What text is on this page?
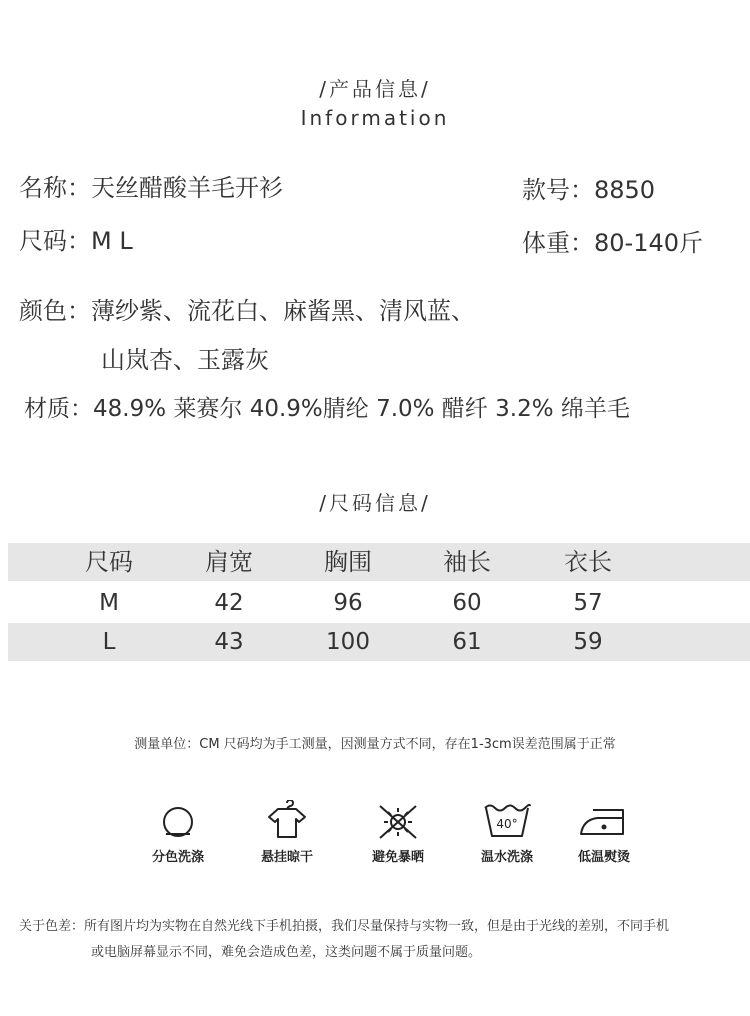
/产品信息/
Information
名称：天丝醋酸羊毛开衫	款号：8850
尺码：M L	体重：80-140斤
颜色：薄纱紫、流花白、麻酱黑、清风蓝、
山岚杏、玉露灰
材质：48.9% 莱赛尔 40.9%腈纶 7.0% 醋纤 3.2% 绵羊毛
/尺码信息/
尺码	肩宽	胸围	袖长	衣长
M	42	96	60	57
L	43	100	61	59
测量单位：CM 尺码均为手工测量，因测量方式不同，存在1-3cm误差范围属于正常
分色洗涤	悬挂晾干	避免暴晒
40°
温水洗涤	低温熨烫
关于色差：所有图片均为实物在自然光线下手机拍摄，我们尽量保持与实物一致，但是由于光线的差别，不同手机
或电脑屏幕显示不同，难免会造成色差，这类问题不属于质量问题。
